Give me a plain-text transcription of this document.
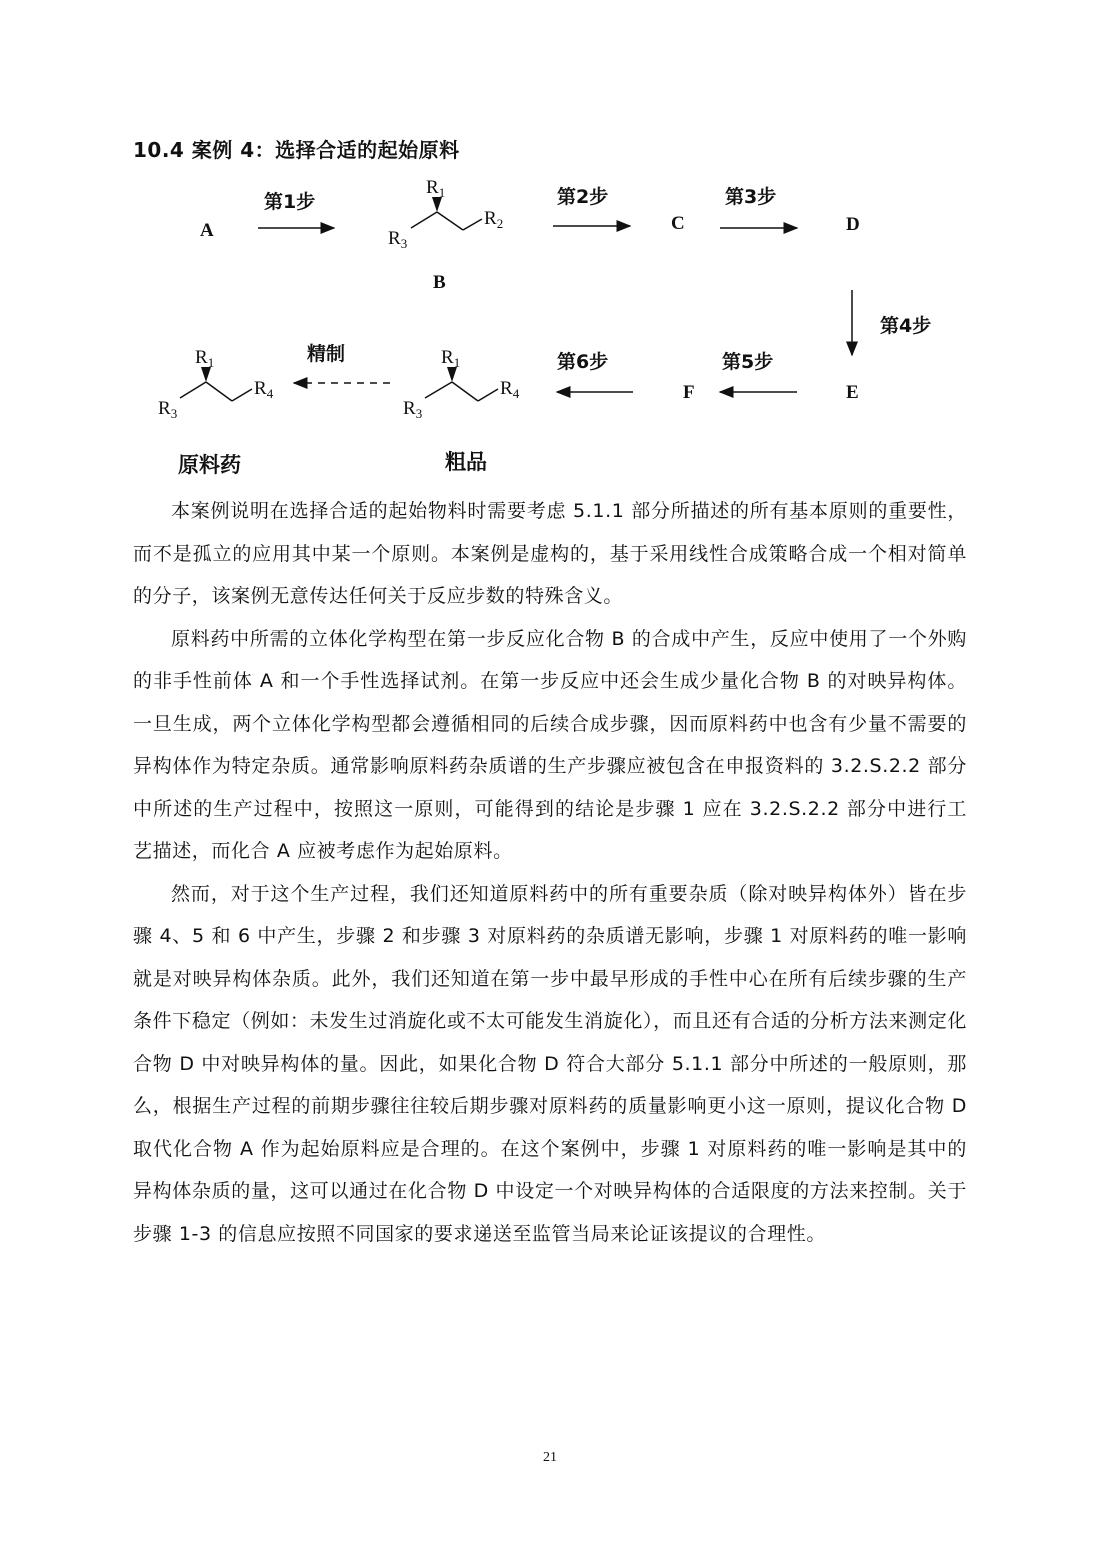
10.4 案例 4：选择合适的起始原料
A
第1步
$R_1$
$R_2$
$R_3$
B
第2步
C
第3步
D
第4步
E
第5步
F
第6步
$R_1$
$R_4$
$R_3$
精制
$R_1$
$R_4$
$R_3$
原料药	粗品

本案例说明在选择合适的起始物料时需要考虑 5.1.1 部分所描述的所有基本原则的重要性，而不是孤立的应用其中某一个原则。本案例是虚构的，基于采用线性合成策略合成一个相对简单的分子，该案例无意传达任何关于反应步数的特殊含义。

原料药中所需的立体化学构型在第一步反应化合物 B 的合成中产生，反应中使用了一个外购的非手性前体 A 和一个手性选择试剂。在第一步反应中还会生成少量化合物 B 的对映异构体。一旦生成，两个立体化学构型都会遵循相同的后续合成步骤，因而原料药中也含有少量不需要的异构体作为特定杂质。通常影响原料药杂质谱的生产步骤应被包含在申报资料的 3.2.S.2.2 部分中所述的生产过程中，按照这一原则，可能得到的结论是步骤 1 应在 3.2.S.2.2 部分中进行工艺描述，而化合 A 应被考虑作为起始原料。

然而，对于这个生产过程，我们还知道原料药中的所有重要杂质（除对映异构体外）皆在步骤 4、5 和 6 中产生，步骤 2 和步骤 3 对原料药的杂质谱无影响，步骤 1 对原料药的唯一影响就是对映异构体杂质。此外，我们还知道在第一步中最早形成的手性中心在所有后续步骤的生产条件下稳定（例如：未发生过消旋化或不太可能发生消旋化），而且还有合适的分析方法来测定化合物 D 中对映异构体的量。因此，如果化合物 D 符合大部分 5.1.1 部分中所述的一般原则，那么，根据生产过程的前期步骤往往较后期步骤对原料药的质量影响更小这一原则，提议化合物 D 取代化合物 A 作为起始原料应是合理的。在这个案例中，步骤 1 对原料药的唯一影响是其中的异构体杂质的量，这可以通过在化合物 D 中设定一个对映异构体的合适限度的方法来控制。关于步骤 1-3 的信息应按照不同国家的要求递送至监管当局来论证该提议的合理性。

21
